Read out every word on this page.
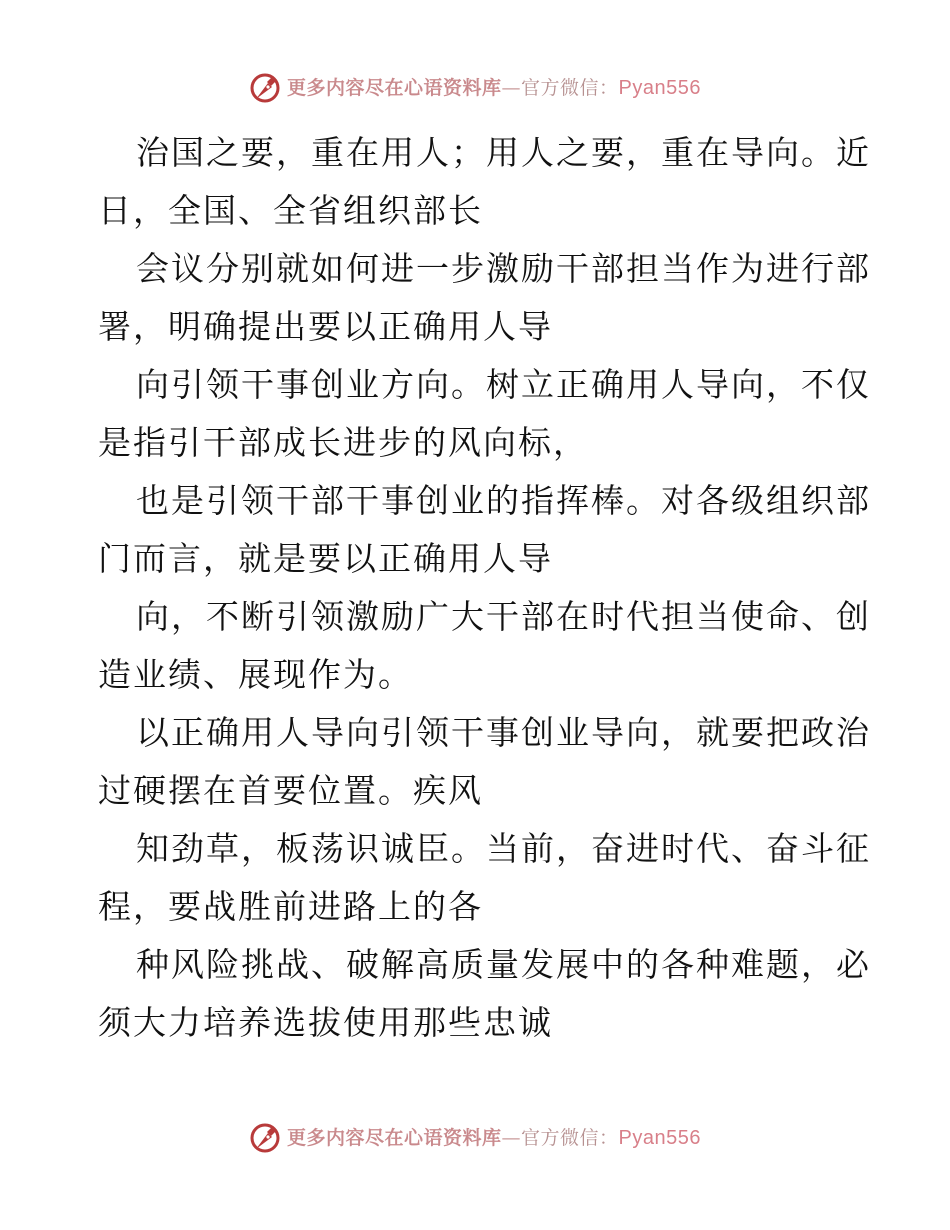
更多内容尽在心语资料库—官方微信：Pyan556

治国之要，重在用人；用人之要，重在导向。近
日，全国、全省组织部长

会议分别就如何进一步激励干部担当作为进行部
署，明确提出要以正确用人导

向引领干事创业方向。树立正确用人导向，不仅
是指引干部成长进步的风向标，

也是引领干部干事创业的指挥棒。对各级组织部
门而言，就是要以正确用人导

向，不断引领激励广大干部在时代担当使命、创
造业绩、展现作为。

以正确用人导向引领干事创业导向，就要把政治
过硬摆在首要位置。疾风

知劲草，板荡识诚臣。当前，奋进时代、奋斗征
程，要战胜前进路上的各

种风险挑战、破解高质量发展中的各种难题，必
须大力培养选拔使用那些忠诚

更多内容尽在心语资料库—官方微信：Pyan556
